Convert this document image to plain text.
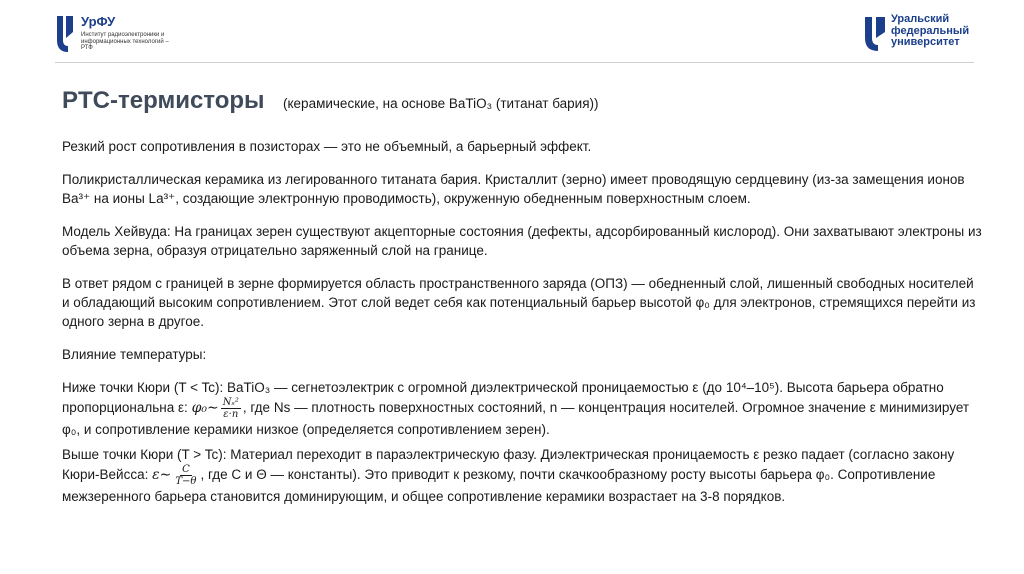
УрФУ
Институт радиоэлектроники и информационных технологий – РТФ
Уральский
федеральный
университет
PTC-термисторы (керамические, на основе BaTiO₃ (титанат бария))

Резкий рост сопротивления в позисторах — это не объемный, а барьерный эффект.

Поликристаллическая керамика из легированного титаната бария. Кристаллит (зерно) имеет проводящую сердцевину (из-за замещения ионов Ba³⁺ на ионы La³⁺, создающие электронную проводимость), окруженную обедненным поверхностным слоем.

Модель Хейвуда: На границах зерен существуют акцепторные состояния (дефекты, адсорбированный кислород). Они захватывают электроны из объема зерна, образуя отрицательно заряженный слой на границе.

В ответ рядом с границей в зерне формируется область пространственного заряда (ОПЗ) — обедненный слой, лишенный свободных носителей и обладающий высоким сопротивлением. Этот слой ведет себя как потенциальный барьер высотой φ₀ для электронов, стремящихся перейти из одного зерна в другое.

Влияние температуры:

Ниже точки Кюри (T < Tc): BaTiO₃ — сегнетоэлектрик с огромной диэлектрической проницаемостью ε (до 10⁴–10⁵). Высота барьера обратно пропорциональна ε: φ₀∼ $\frac{\text{Nₛ²}}{\varepsilon\cdot n}$ , где Ns — плотность поверхностных состояний, n — концентрация носителей. Огромное значение ε минимизирует φ₀, и сопротивление керамики низкое (определяется сопротивлением зерен).

Выше точки Кюри (T > Tc): Материал переходит в параэлектрическую фазу. Диэлектрическая проницаемость ε резко падает (согласно закону Кюри-Вейсса: ε∼ $\frac{C}{T-\theta}$ , где C и Θ — константы). Это приводит к резкому, почти скачкообразному росту высоты барьера φ₀. Сопротивление межзеренного барьера становится доминирующим, и общее сопротивление керамики возрастает на 3-8 порядков.
